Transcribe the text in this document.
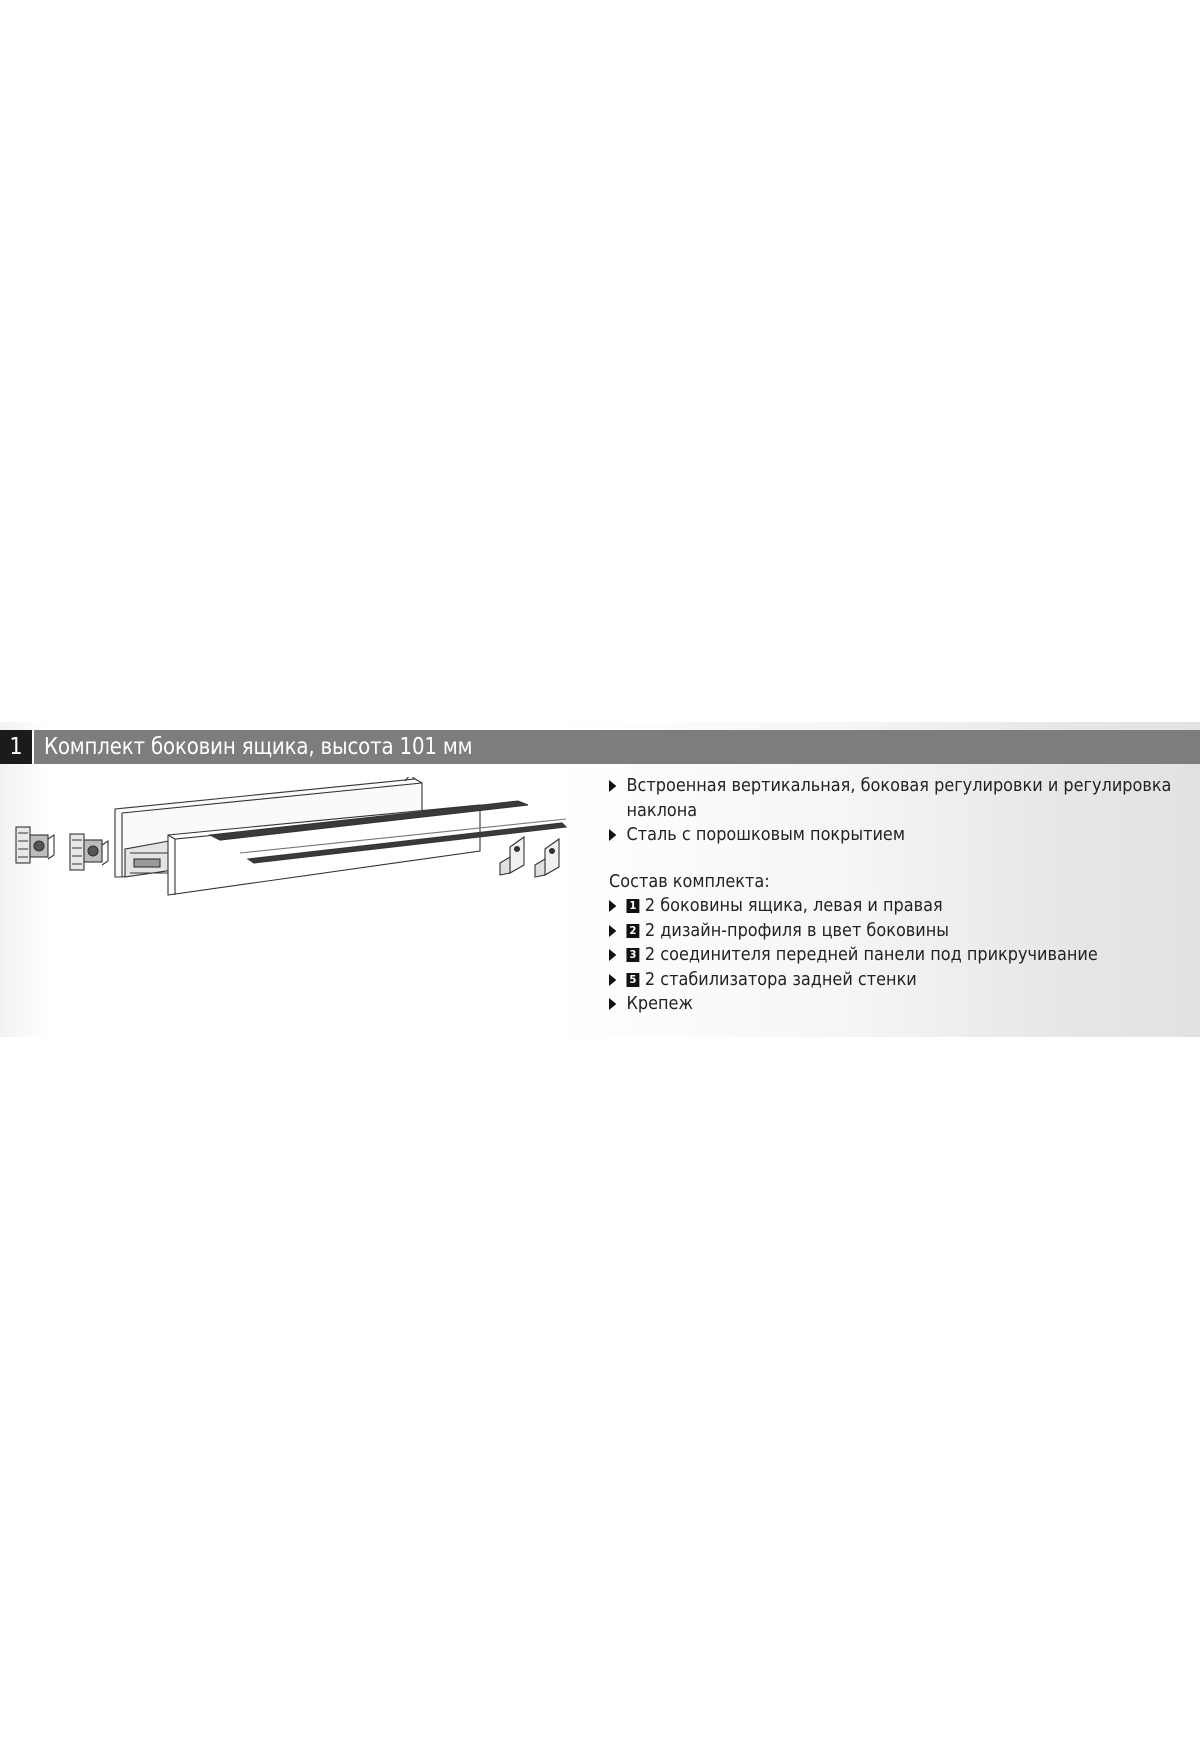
1 Комплект боковин ящика, высота 101 мм
Встроенная вертикальная, боковая регулировки и регулировка наклона
Сталь с порошковым покрытием
Состав комплекта:
1 2 боковины ящика, левая и правая
2 2 дизайн-профиля в цвет боковины
3 2 соединителя передней панели под прикручивание
5 2 стабилизатора задней стенки
Крепеж
